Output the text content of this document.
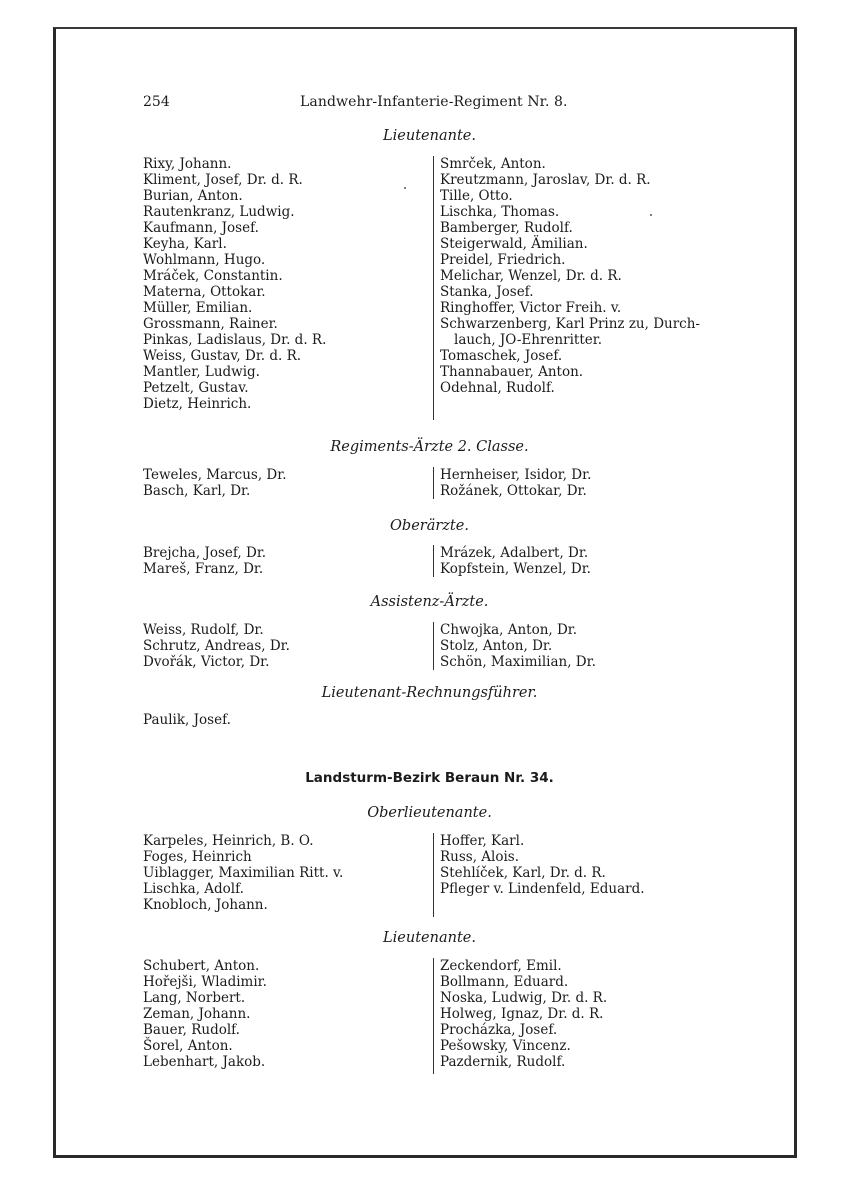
254	Landwehr-Infanterie-Regiment Nr. 8.
Lieutenante.
Rixy, Johann.
Kliment, Josef, Dr. d. R.
Burian, Anton.
Rautenkranz, Ludwig.
Kaufmann, Josef.
Keyha, Karl.
Wohlmann, Hugo.
Mráček, Constantin.
Materna, Ottokar.
Müller, Emilian.
Grossmann, Rainer.
Pinkas, Ladislaus, Dr. d. R.
Weiss, Gustav, Dr. d. R.
Mantler, Ludwig.
Petzelt, Gustav.
Dietz, Heinrich.
Smrček, Anton.
Kreutzmann, Jaroslav, Dr. d. R.
Tille, Otto.
Lischka, Thomas.
Bamberger, Rudolf.
Steigerwald, Ämilian.
Preidel, Friedrich.
Melichar, Wenzel, Dr. d. R.
Stanka, Josef.
Ringhoffer, Victor Freih. v.
Schwarzenberg, Karl Prinz zu, Durch-
lauch, JO-Ehrenritter.
Tomaschek, Josef.
Thannabauer, Anton.
Odehnal, Rudolf.
Regiments-Ärzte 2. Classe.
Teweles, Marcus, Dr.
Basch, Karl, Dr.
Hernheiser, Isidor, Dr.
Rožánek, Ottokar, Dr.
Oberärzte.
Brejcha, Josef, Dr.
Mareš, Franz, Dr.
Mrázek, Adalbert, Dr.
Kopfstein, Wenzel, Dr.
Assistenz-Ärzte.
Weiss, Rudolf, Dr.
Schrutz, Andreas, Dr.
Dvořák, Victor, Dr.
Chwojka, Anton, Dr.
Stolz, Anton, Dr.
Schön, Maximilian, Dr.
Lieutenant-Rechnungsführer.
Paulik, Josef.
Landsturm-Bezirk Beraun Nr. 34.
Oberlieutenante.
Karpeles, Heinrich, B. O.
Foges, Heinrich
Uiblagger, Maximilian Ritt. v.
Lischka, Adolf.
Knobloch, Johann.
Hoffer, Karl.
Russ, Alois.
Stehlíček, Karl, Dr. d. R.
Pfleger v. Lindenfeld, Eduard.
Lieutenante.
Schubert, Anton.
Hořejši, Wladimir.
Lang, Norbert.
Zeman, Johann.
Bauer, Rudolf.
Šorel, Anton.
Lebenhart, Jakob.
Zeckendorf, Emil.
Bollmann, Eduard.
Noska, Ludwig, Dr. d. R.
Holweg, Ignaz, Dr. d. R.
Procházka, Josef.
Pešowsky, Vincenz.
Pazdernik, Rudolf.
